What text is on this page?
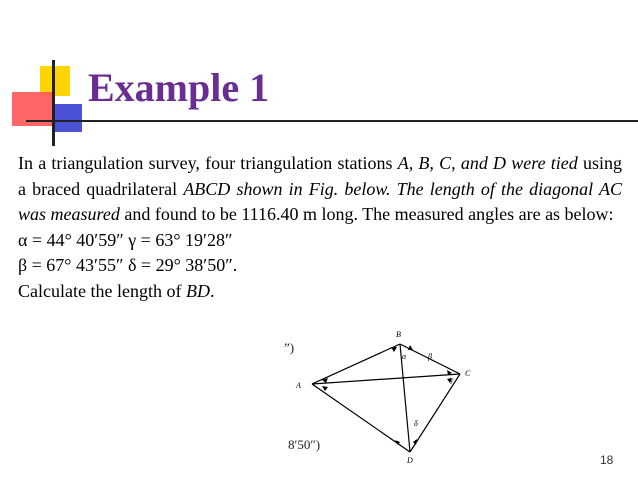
Example 1

In a triangulation survey, four triangulation stations A, B, C, and D were tied using a braced quadrilateral ABCD shown in Fig. below. The length of the diagonal AC was measured and found to be 1116.40 m long. The measured angles are as below:

α = 44° 40′59″ γ = 63° 19′28″
β = 67° 43′55″ δ = 29° 38′50″.
Calculate the length of BD.
A
B
C
D
α	β
γ
δ
”)
8′50″)
18
